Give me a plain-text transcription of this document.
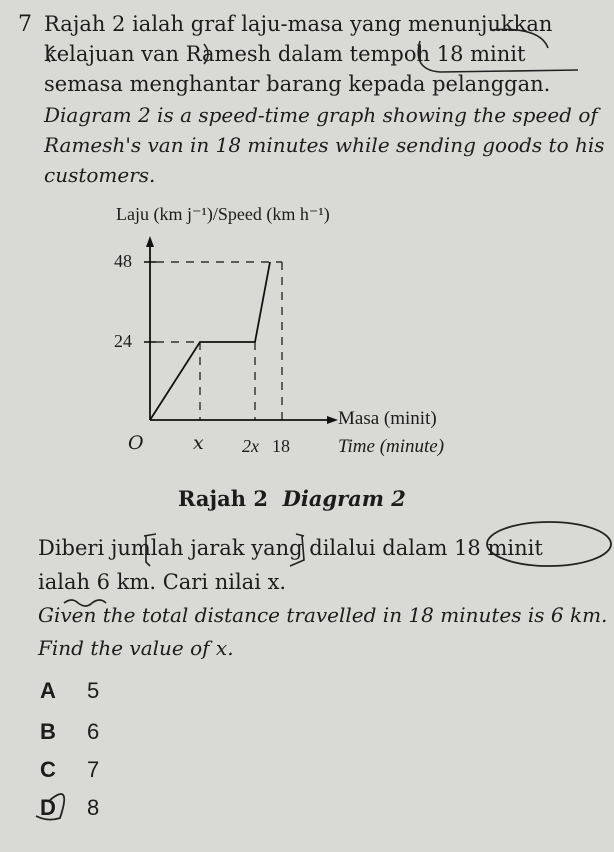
7 Rajah 2 ialah graf laju-masa yang menunjukkan
kelajuan van Ramesh dalam tempoh 18 minit
semasa menghantar barang kepada pelanggan.
Diagram 2 is a speed-time graph showing the speed of
Ramesh's van in 18 minutes while sending goods to his
customers.
Laju (km j⁻¹)/Speed (km h⁻¹)
48
24
O	x 2x 18
Masa (minit)
Time (minute)
Rajah 2 Diagram 2
Diberi jumlah jarak yang dilalui dalam 18 minit
ialah 6 km. Cari nilai x.
Given the total distance travelled in 18 minutes is 6 km.
Find the value of x.
A 5
B 6
C 7
D 8
